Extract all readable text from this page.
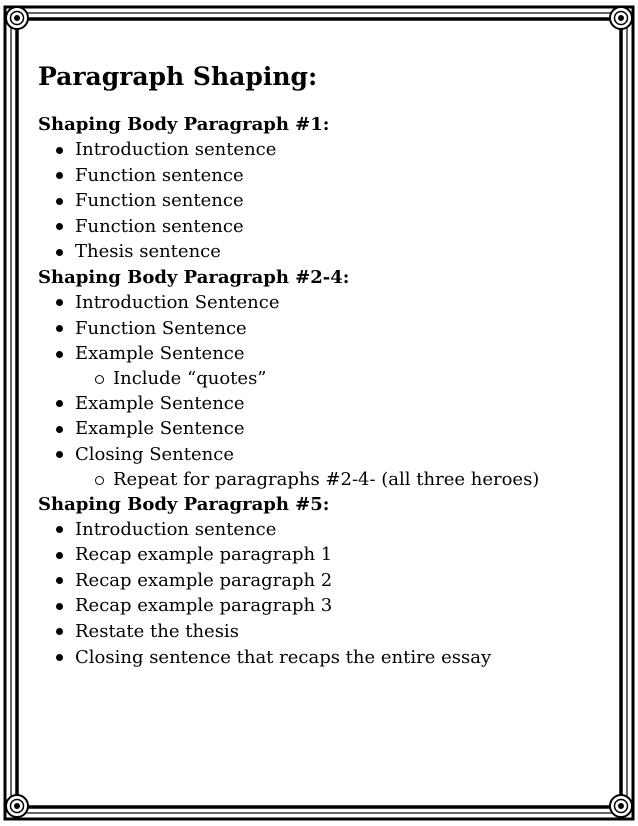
Paragraph Shaping:
Shaping Body Paragraph #1:
Introduction sentence
Function sentence
Function sentence
Function sentence
Thesis sentence
Shaping Body Paragraph #2-4:
Introduction Sentence
Function Sentence
Example Sentence
Include “quotes”
Example Sentence
Example Sentence
Closing Sentence
Repeat for paragraphs #2-4- (all three heroes)
Shaping Body Paragraph #5:
Introduction sentence
Recap example paragraph 1
Recap example paragraph 2
Recap example paragraph 3
Restate the thesis
Closing sentence that recaps the entire essay
